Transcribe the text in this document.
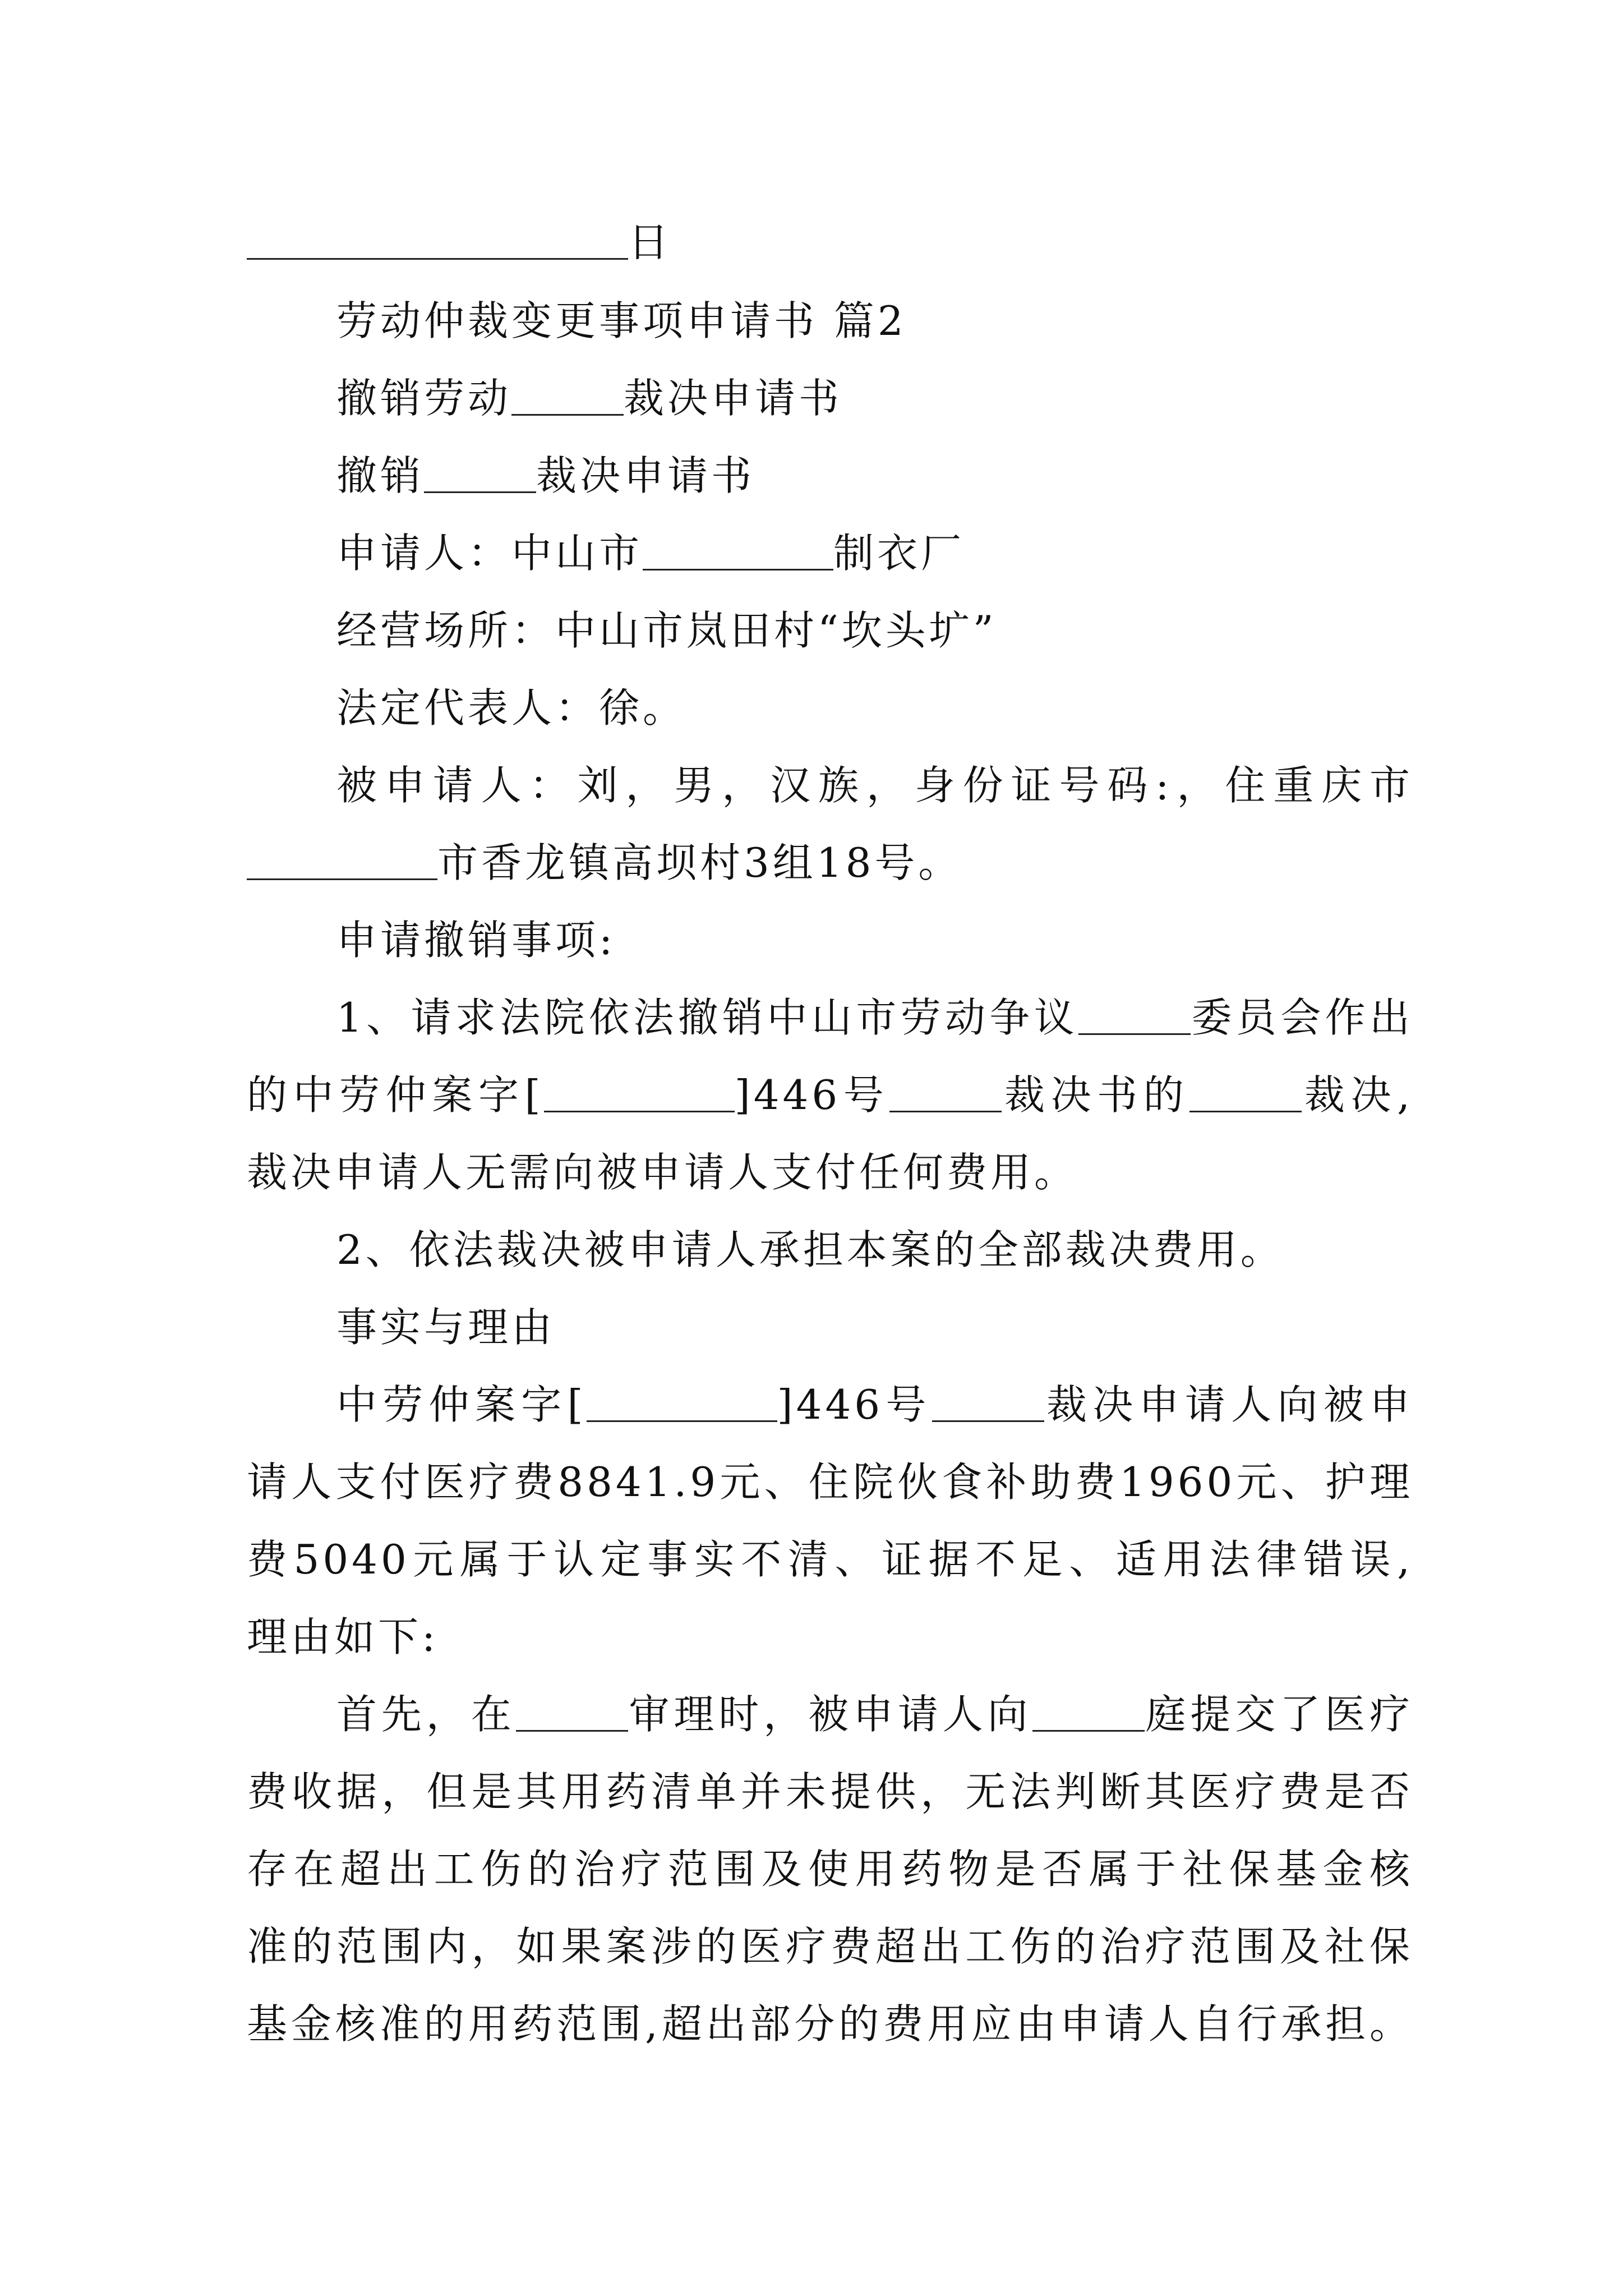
日
劳动仲裁变更事项申请书 篇2
撤销劳动	裁决申请书
撤销	裁决申请书
申请人：中山市	制衣厂
经营场所：中山市岚田村“坎头圹”
法定代表人：徐。
被申请人：刘，男，汉族，身份证号码:，住重庆市
市香龙镇高坝村3组18号。
申请撤销事项:
1、请求法院依法撤销中山市劳动争议	委员会作出
的中劳仲案字[	]446号	裁决书的	裁决,
裁决申请人无需向被申请人支付任何费用。
2、依法裁决被申请人承担本案的全部裁决费用。
事实与理由
中劳仲案字[	]446号	裁决申请人向被申
请人支付医疗费8841.9元、住院伙食补助费1960元、护理
费5040元属于认定事实不清、证据不足、适用法律错误,
理由如下:
首先，在	审理时，被申请人向	庭提交了医疗
费收据，但是其用药清单并未提供，无法判断其医疗费是否
存在超出工伤的治疗范围及使用药物是否属于社保基金核
准的范围内，如果案涉的医疗费超出工伤的治疗范围及社保
基金核准的用药范围,超出部分的费用应由申请人自行承担。
